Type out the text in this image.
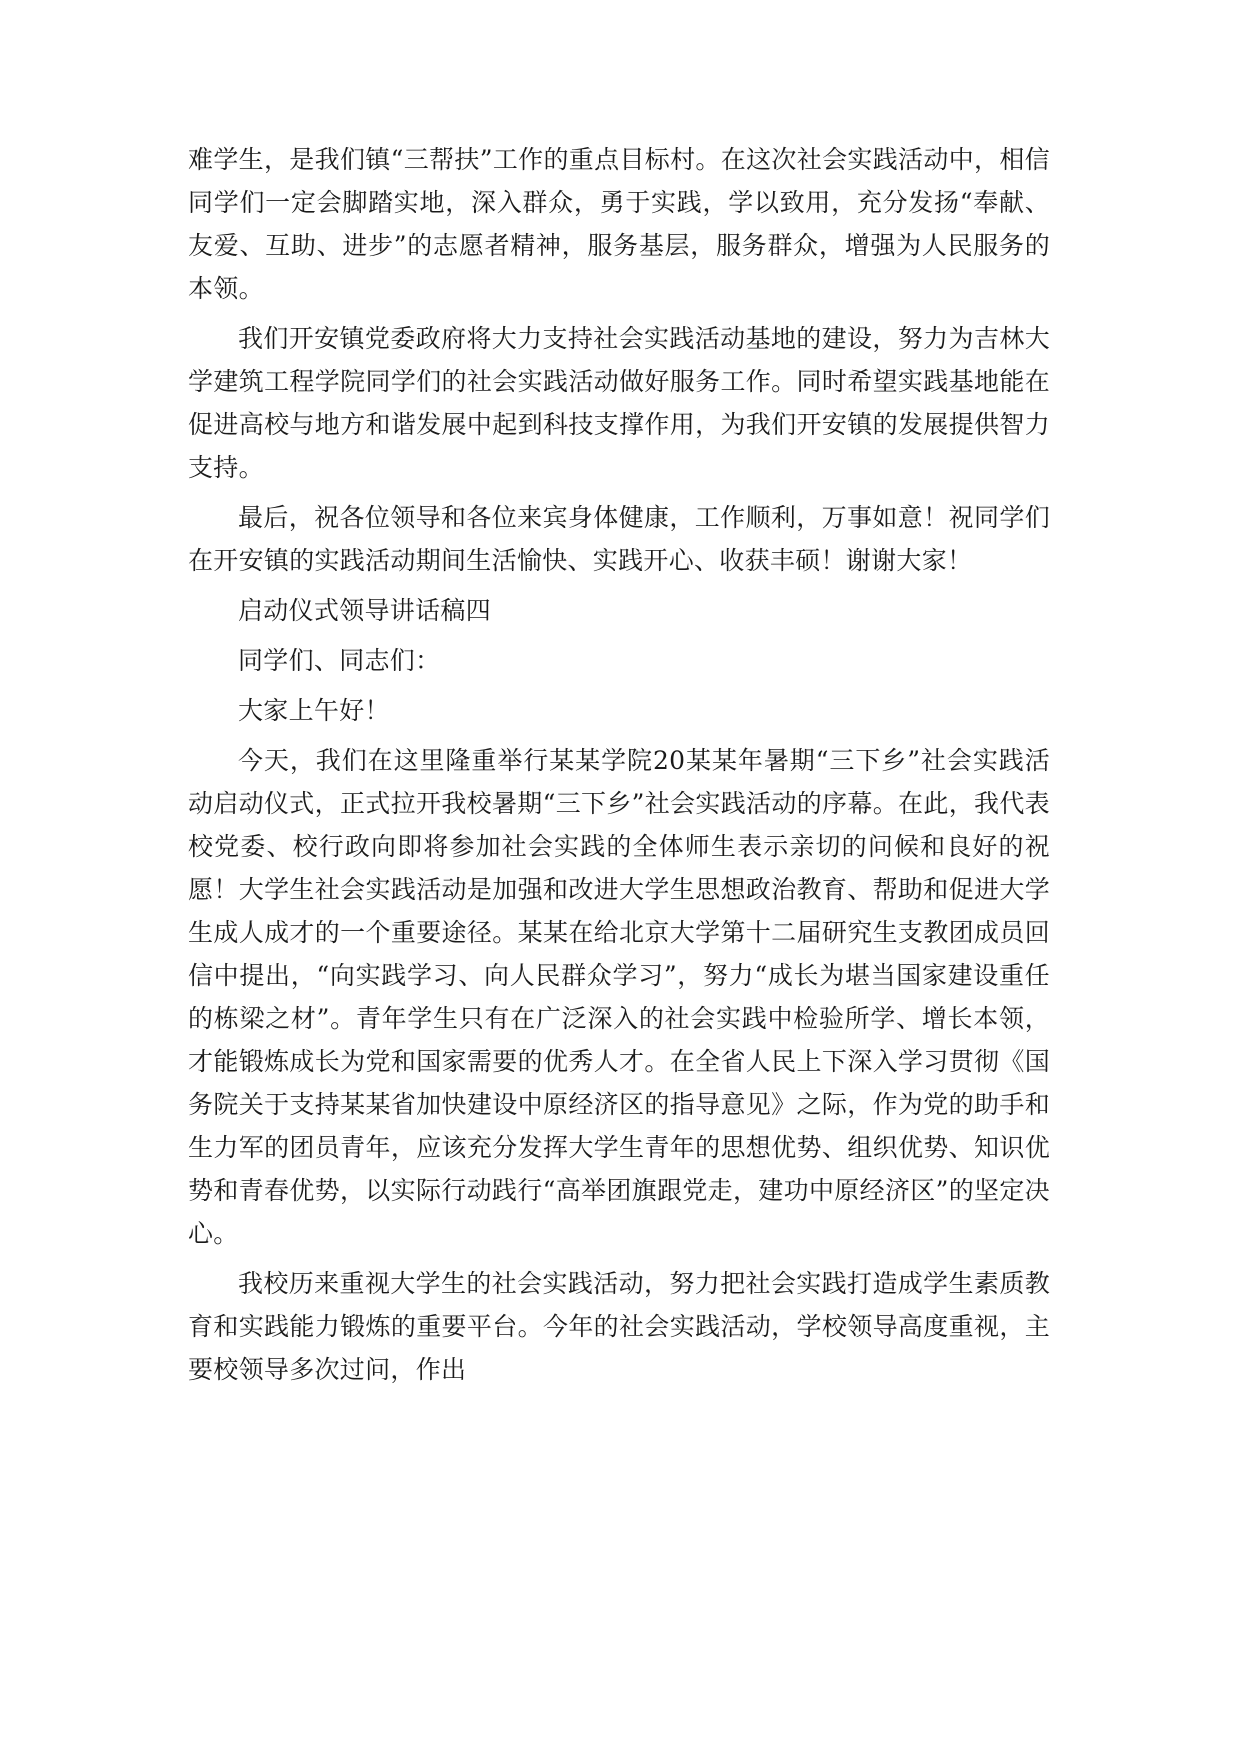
难学生，是我们镇“三帮扶”工作的重点目标村。在这次社会实践活动中，相信同学们一定会脚踏实地，深入群众，勇于实践，学以致用，充分发扬“奉献、友爱、互助、进步”的志愿者精神，服务基层，服务群众，增强为人民服务的本领。

我们开安镇党委政府将大力支持社会实践活动基地的建设，努力为吉林大学建筑工程学院同学们的社会实践活动做好服务工作。同时希望实践基地能在促进高校与地方和谐发展中起到科技支撑作用，为我们开安镇的发展提供智力支持。

最后，祝各位领导和各位来宾身体健康，工作顺利，万事如意！祝同学们在开安镇的实践活动期间生活愉快、实践开心、收获丰硕！谢谢大家！

启动仪式领导讲话稿四

同学们、同志们：

大家上午好！

今天，我们在这里隆重举行某某学院20某某年暑期“三下乡”社会实践活动启动仪式，正式拉开我校暑期“三下乡”社会实践活动的序幕。在此，我代表校党委、校行政向即将参加社会实践的全体师生表示亲切的问候和良好的祝愿！大学生社会实践活动是加强和改进大学生思想政治教育、帮助和促进大学生成人成才的一个重要途径。某某在给北京大学第十二届研究生支教团成员回信中提出，“向实践学习、向人民群众学习”，努力“成长为堪当国家建设重任的栋梁之材”。青年学生只有在广泛深入的社会实践中检验所学、增长本领，才能锻炼成长为党和国家需要的优秀人才。在全省人民上下深入学习贯彻《国务院关于支持某某省加快建设中原经济区的指导意见》之际，作为党的助手和生力军的团员青年，应该充分发挥大学生青年的思想优势、组织优势、知识优势和青春优势，以实际行动践行“高举团旗跟党走，建功中原经济区”的坚定决心。

我校历来重视大学生的社会实践活动，努力把社会实践打造成学生素质教育和实践能力锻炼的重要平台。今年的社会实践活动，学校领导高度重视，主要校领导多次过问，作出
